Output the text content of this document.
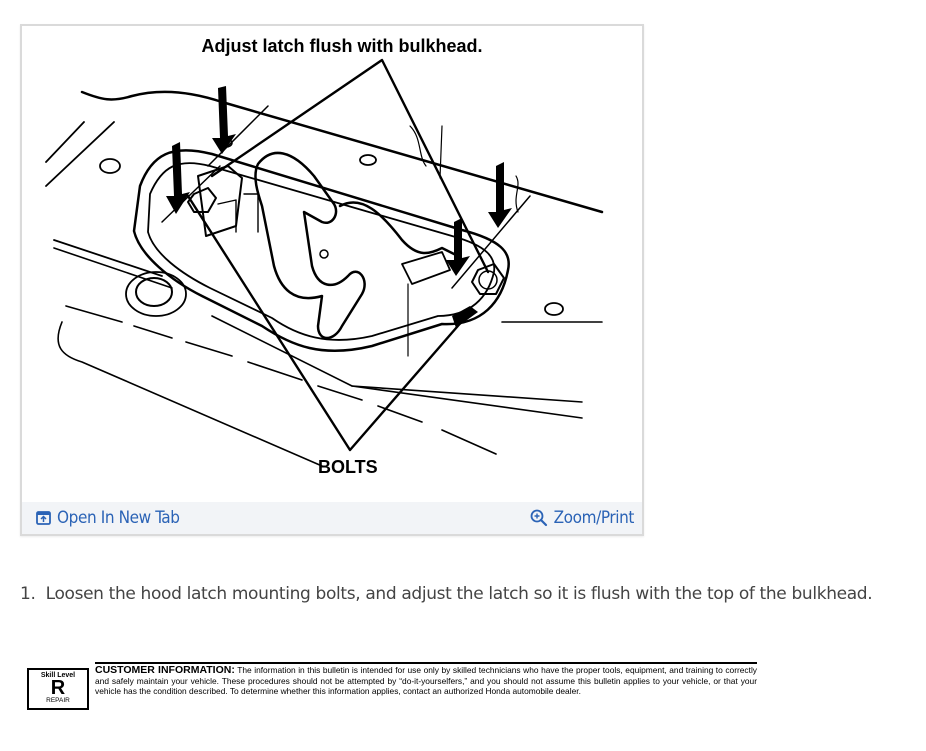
Adjust latch flush with bulkhead.
BOLTS
Open In New Tab	Zoom/Print
1. Loosen the hood latch mounting bolts, and adjust the latch so it is flush with the top of the bulkhead.
Skill Level
R
REPAIR
CUSTOMER INFORMATION: The information in this bulletin is intended for use only by skilled technicians who have the proper tools, equipment, and training to correctly and safely maintain your vehicle. These procedures should not be attempted by “do-it-yourselfers,” and you should not assume this bulletin applies to your vehicle, or that your vehicle has the condition described. To determine whether this information applies, contact an authorized Honda automobile dealer.
